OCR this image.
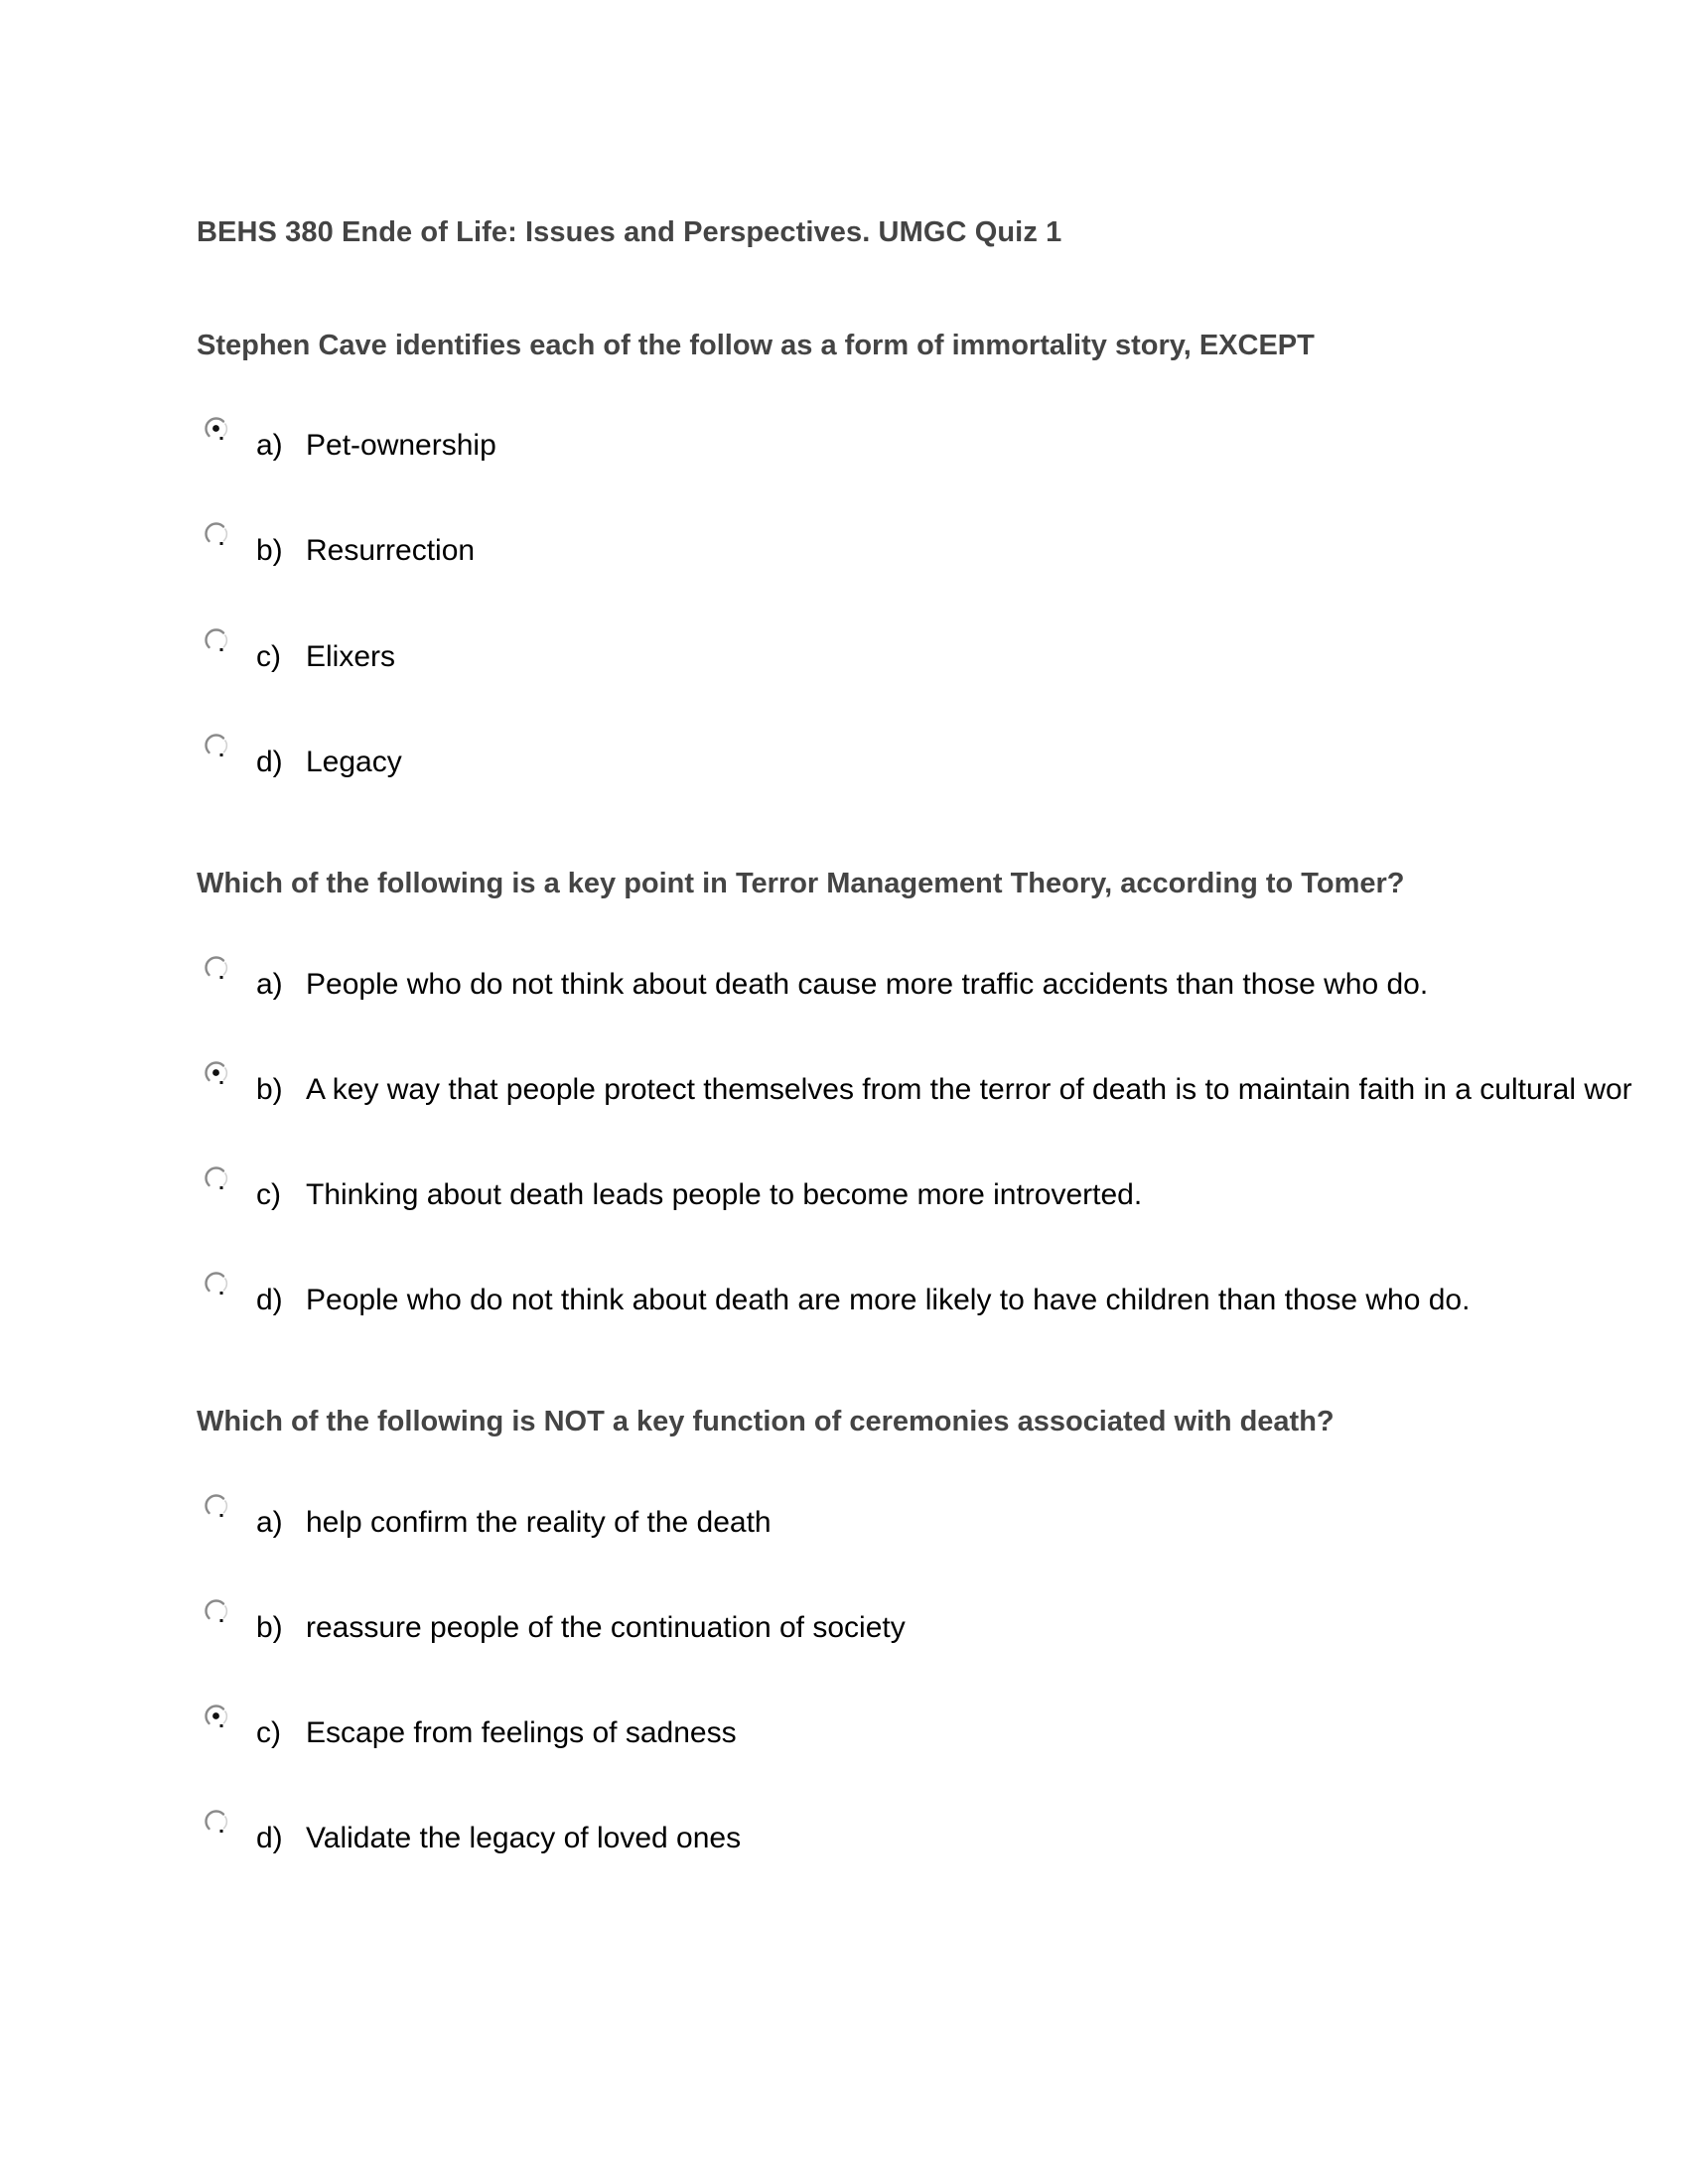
BEHS 380 Ende of Life: Issues and Perspectives. UMGC Quiz 1
Stephen Cave identifies each of the follow as a form of immortality story, EXCEPT
a) Pet-ownership
b) Resurrection
c) Elixers
d) Legacy
Which of the following is a key point in Terror Management Theory, according to Tomer?
a) People who do not think about death cause more traffic accidents than those who do.
b) A key way that people protect themselves from the terror of death is to maintain faith in a cultural wor
c) Thinking about death leads people to become more introverted.
d) People who do not think about death are more likely to have children than those who do.
Which of the following is NOT a key function of ceremonies associated with death?
a) help confirm the reality of the death
b) reassure people of the continuation of society
c) Escape from feelings of sadness
d) Validate the legacy of loved ones
